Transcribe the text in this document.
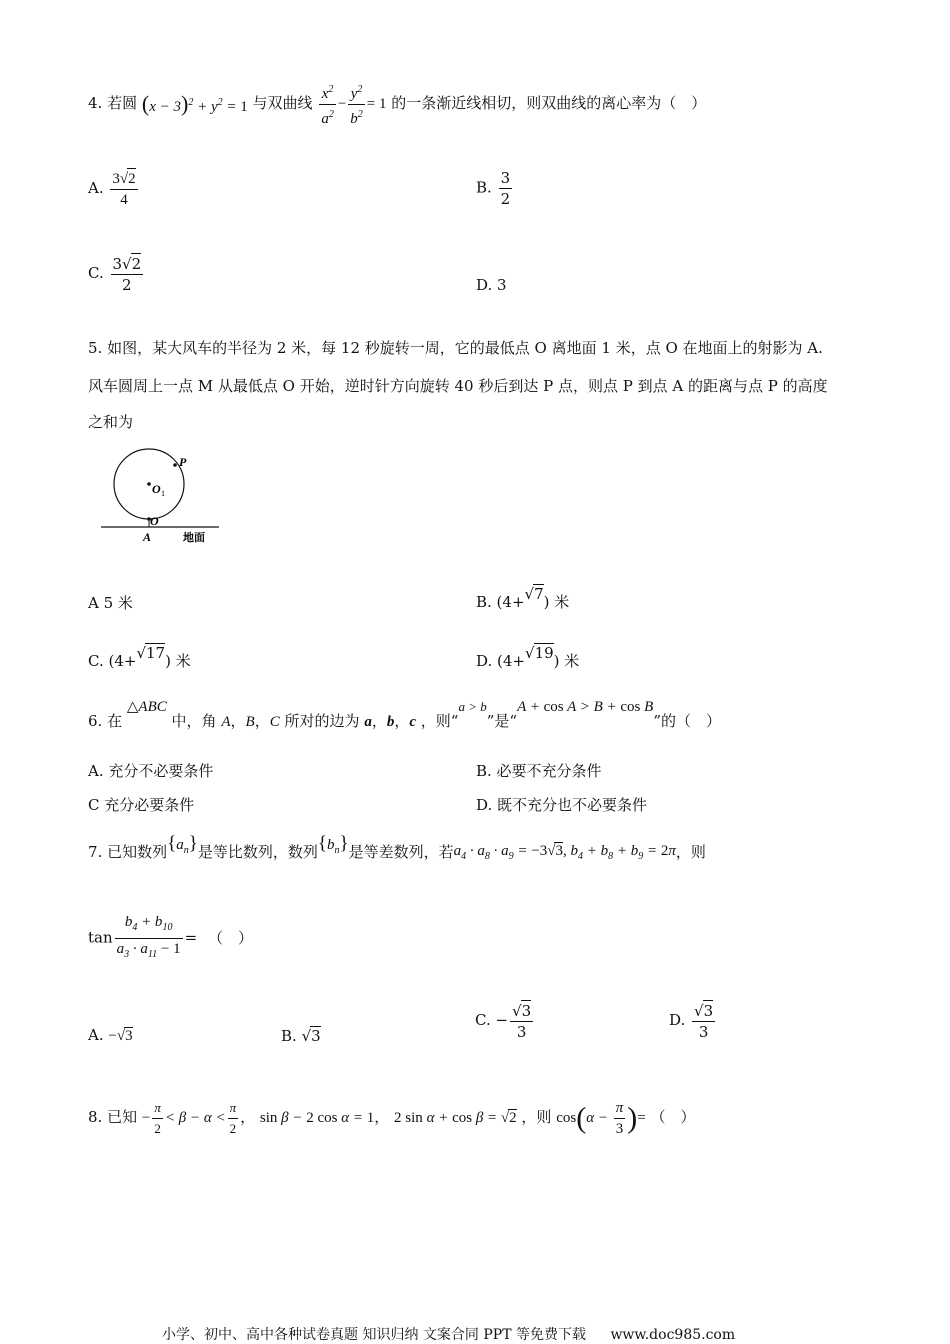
4. 若圆 $(x - 3)^2 + y^2 = 1$ 与双曲线 $\frac{x^2}{a^2} - \frac{y^2}{b^2} = 1$ 的一条渐近线相切，则双曲线的离心率为（　）
A. $\frac{3√2}{4}$	B. $\frac{3}{2}$
C. $\frac{3√2}{2}$	D. 3
5. 如图，某大风车的半径为 2 米，每 12 秒旋转一周，它的最低点 O 离地面 1 米，点 O 在地面上的射影为 A.
风车圆周上一点 M 从最低点 O 开始，逆时针方向旋转 40 秒后到达 P 点，则点 P 到点 A 的距离与点 P 的高度
之和为
P
O 1
O
A	地面
A 5 米	B. (4+√7) 米
C. (4+√17) 米	D. (4+√19) 米
6. 在 △ABC 中，角 A，B，C 所对的边为 a，b，c ，则“a > b”是“A + cos A > B + cos B”的（　）
A. 充分不必要条件	B. 必要不充分条件
C 充分必要条件	D. 既不充分也不必要条件
7. 已知数列$\{a_n\}$是等比数列，数列$\{b_n\}$是等差数列，若$a_4 \cdot a_8 \cdot a_9 = -3√3$, $b_4 + b_8 + b_9 = 2\pi$，则
$\tan \frac{b_4 + b_{10}}{a_3 \cdot a_{11} - 1}$ = （　）
A. −√3	B. √3
C. − $\frac{√3}{3}$	D. $\frac{√3}{3}$
8. 已知 − $\frac{\pi}{2} < \beta - \alpha < \frac{\pi}{2}$ ， sin β − 2 cos α = 1， 2 sin α + cos β = √2 ，则 $\cos(\alpha - \frac{\pi}{3}$ )= （　）
小学、初中、高中各种试卷真题 知识归纳 文案合同 PPT 等免费下载 www.doc985.com
